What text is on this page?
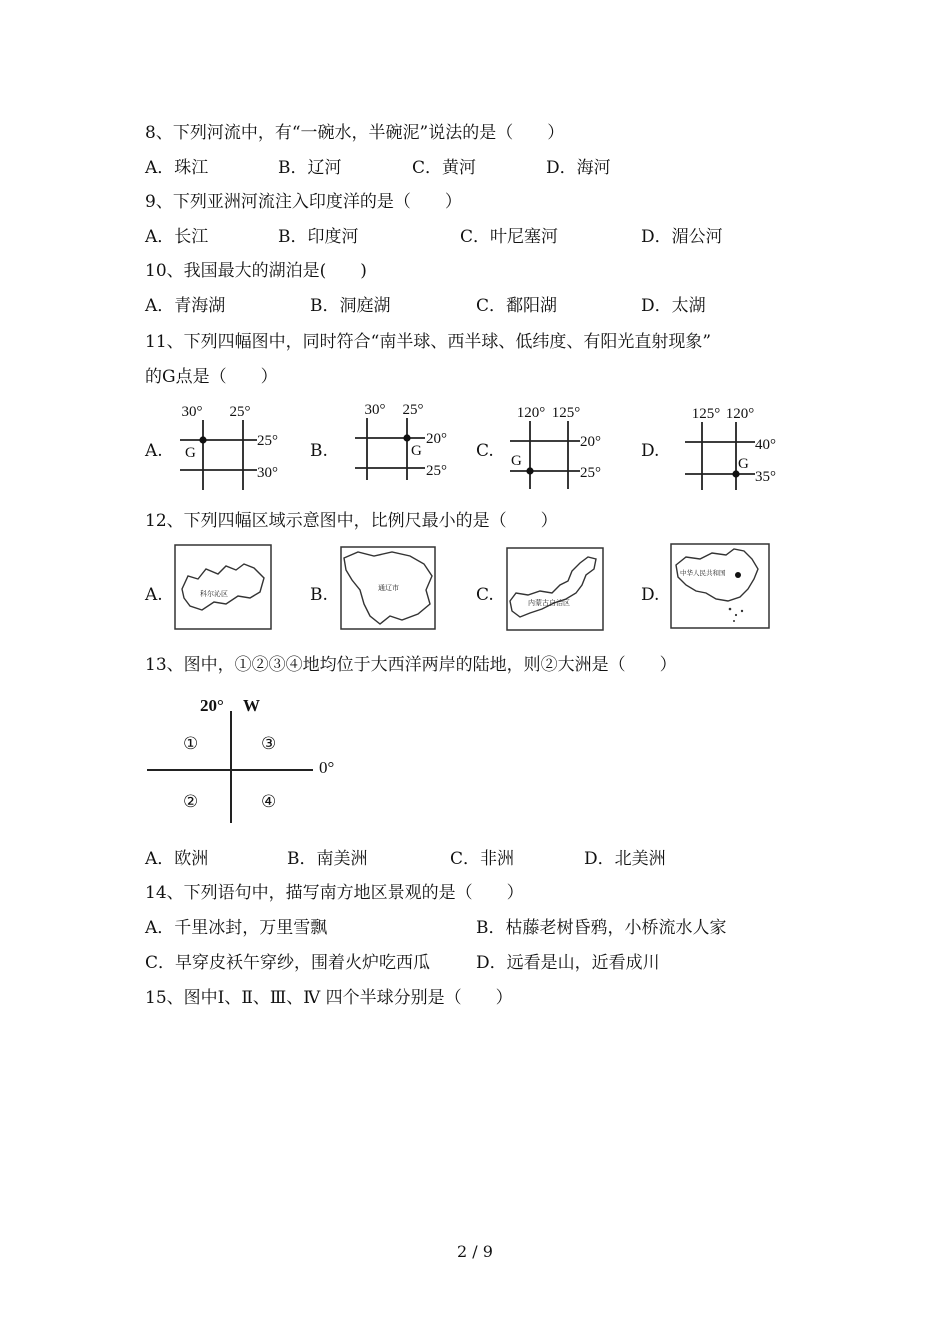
8、下列河流中，有“一碗水，半碗泥”说法的是（　　）
A．珠江	B．辽河	C．黄河	D．海河
9、下列亚洲河流注入印度洋的是（　　）
A．长江	B．印度河	C．叶尼塞河	D．湄公河
10、我国最大的湖泊是(　　)
A．青海湖	B．洞庭湖	C．鄱阳湖	D．太湖
11、下列四幅图中，同时符合“南半球、西半球、低纬度、有阳光直射现象”
的G点是（　　）
A.	B.	C.	D.
30° 25°
25°
30°
G
30° 25°
20°
25°
G
120° 125°
20°
25°
G
125° 120°
40°
35°
G
12、下列四幅区域示意图中，比例尺最小的是（　　）
A.	B.	C.	D.
科尔沁区
通辽市
内蒙古自治区
中华人民共和国
13、图中，①②③④地均位于大西洋两岸的陆地，则②大洲是（　　）
20° W
0°
①	③
②	④
A．欧洲	B．南美洲	C．非洲	D．北美洲
14、下列语句中，描写南方地区景观的是（　　）
A．千里冰封，万里雪飘	B．枯藤老树昏鸦，小桥流水人家
C．早穿皮袄午穿纱，围着火炉吃西瓜	D．远看是山，近看成川
15、图中Ⅰ、Ⅱ、Ⅲ、Ⅳ 四个半球分别是（　　）
2 / 9
